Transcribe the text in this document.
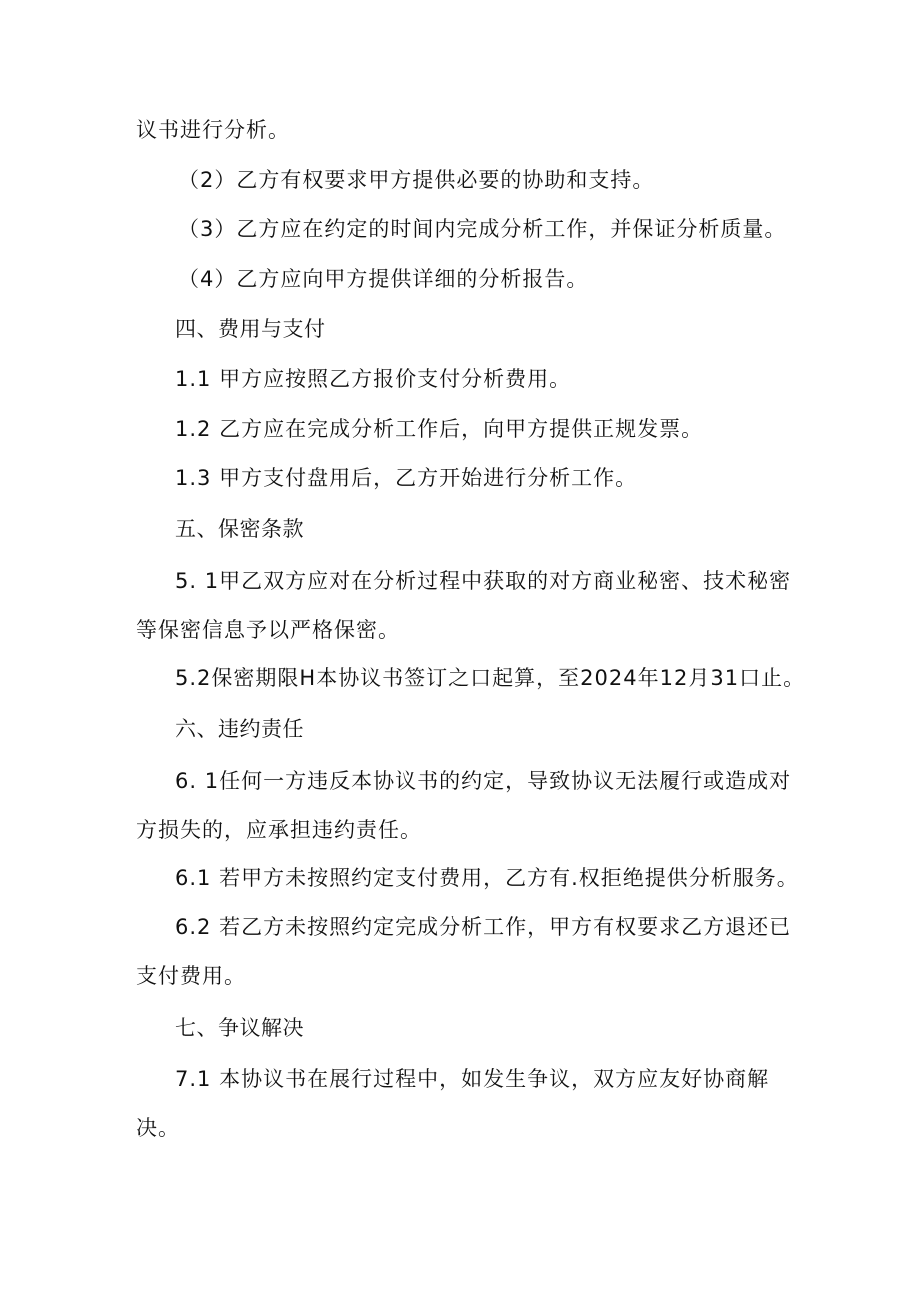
议书进行分析。
（2）乙方有权要求甲方提供必要的协助和支持。
（3）乙方应在约定的时间内完成分析工作，并保证分析质量。
（4）乙方应向甲方提供详细的分析报告。
四、费用与支付
1.1 甲方应按照乙方报价支付分析费用。
1.2 乙方应在完成分析工作后，向甲方提供正规发票。
1.3 甲方支付盘用后，乙方开始进行分析工作。
五、保密条款
5. 1甲乙双方应对在分析过程中获取的对方商业秘密、技术秘密
等保密信息予以严格保密。
5.2保密期限H本协议书签订之口起算，至2024年12月31口止。
六、违约责任
6. 1任何一方违反本协议书的约定，导致协议无法履行或造成对
方损失的，应承担违约责任。
6.1 若甲方未按照约定支付费用，乙方有.权拒绝提供分析服务。
6.2 若乙方未按照约定完成分析工作，甲方有权要求乙方退还已
支付费用。
七、争议解决
7.1 本协议书在展行过程中，如发生争议，双方应友好协商解
决。
